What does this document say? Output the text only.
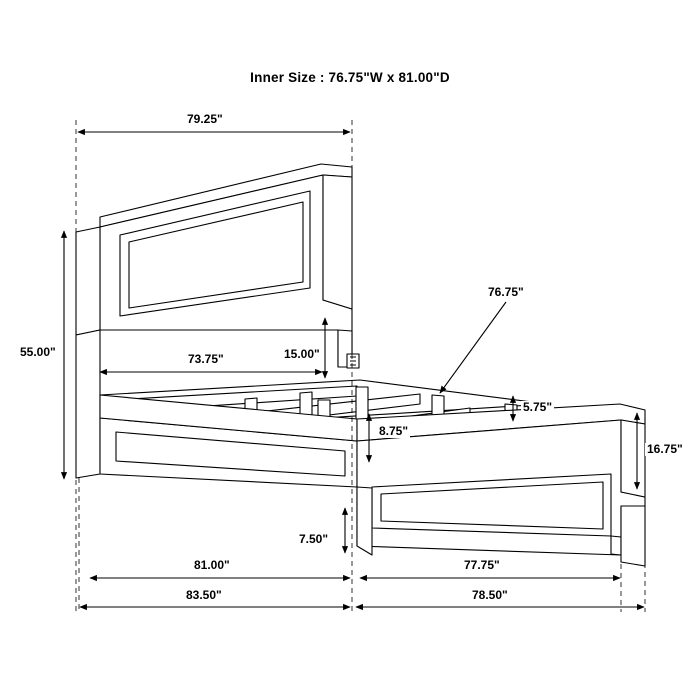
Inner Size : 76.75"W x 81.00"D
79.25"
55.00"	73.75"	15.00"
76.75"
5.75"
16.75"
8.75"
7.50"
81.00"	77.75"
83.50"	78.50"
